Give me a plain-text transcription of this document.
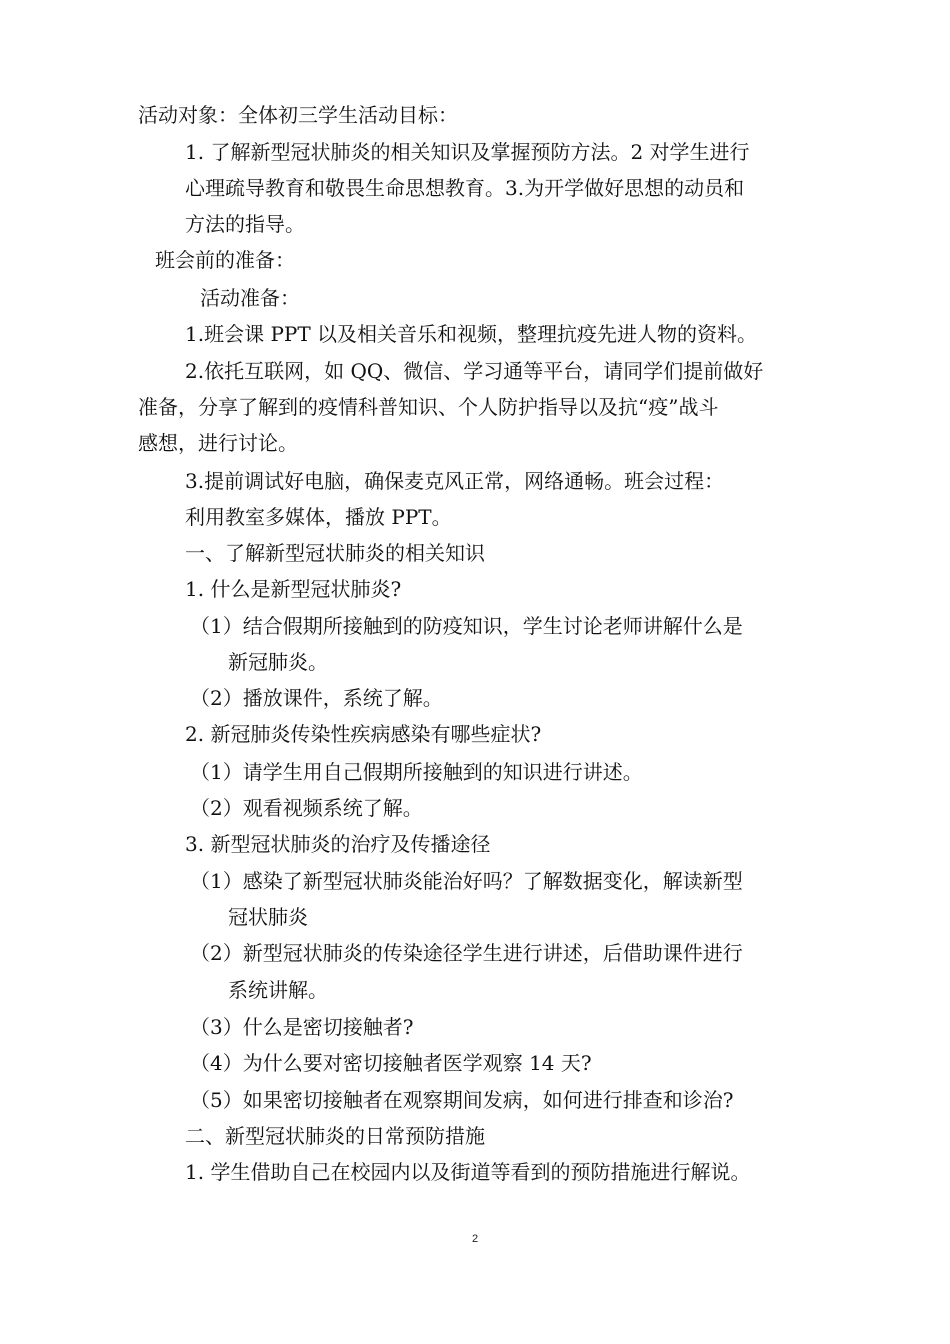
活动对象：全体初三学生活动目标：
1. 了解新型冠状肺炎的相关知识及掌握预防方法。2 对学生进行
心理疏导教育和敬畏生命思想教育。3.为开学做好思想的动员和
方法的指导。
班会前的准备：
活动准备：
1.班会课 PPT 以及相关音乐和视频，整理抗疫先进人物的资料。
2.依托互联网，如 QQ、微信、学习通等平台，请同学们提前做好
准备，分享了解到的疫情科普知识、个人防护指导以及抗“疫”战斗
感想，进行讨论。
3.提前调试好电脑，确保麦克风正常，网络通畅。班会过程：
利用教室多媒体，播放 PPT。
一、了解新型冠状肺炎的相关知识
1. 什么是新型冠状肺炎?
（1）结合假期所接触到的防疫知识，学生讨论老师讲解什么是
新冠肺炎。
（2）播放课件，系统了解。
2. 新冠肺炎传染性疾病感染有哪些症状?
（1）请学生用自己假期所接触到的知识进行讲述。
（2）观看视频系统了解。
3. 新型冠状肺炎的治疗及传播途径
（1）感染了新型冠状肺炎能治好吗？了解数据变化，解读新型
冠状肺炎
（2）新型冠状肺炎的传染途径学生进行讲述，后借助课件进行
系统讲解。
（3）什么是密切接触者?
（4）为什么要对密切接触者医学观察 14 天?
（5）如果密切接触者在观察期间发病，如何进行排查和诊治?
二、新型冠状肺炎的日常预防措施
1. 学生借助自己在校园内以及街道等看到的预防措施进行解说。
2
